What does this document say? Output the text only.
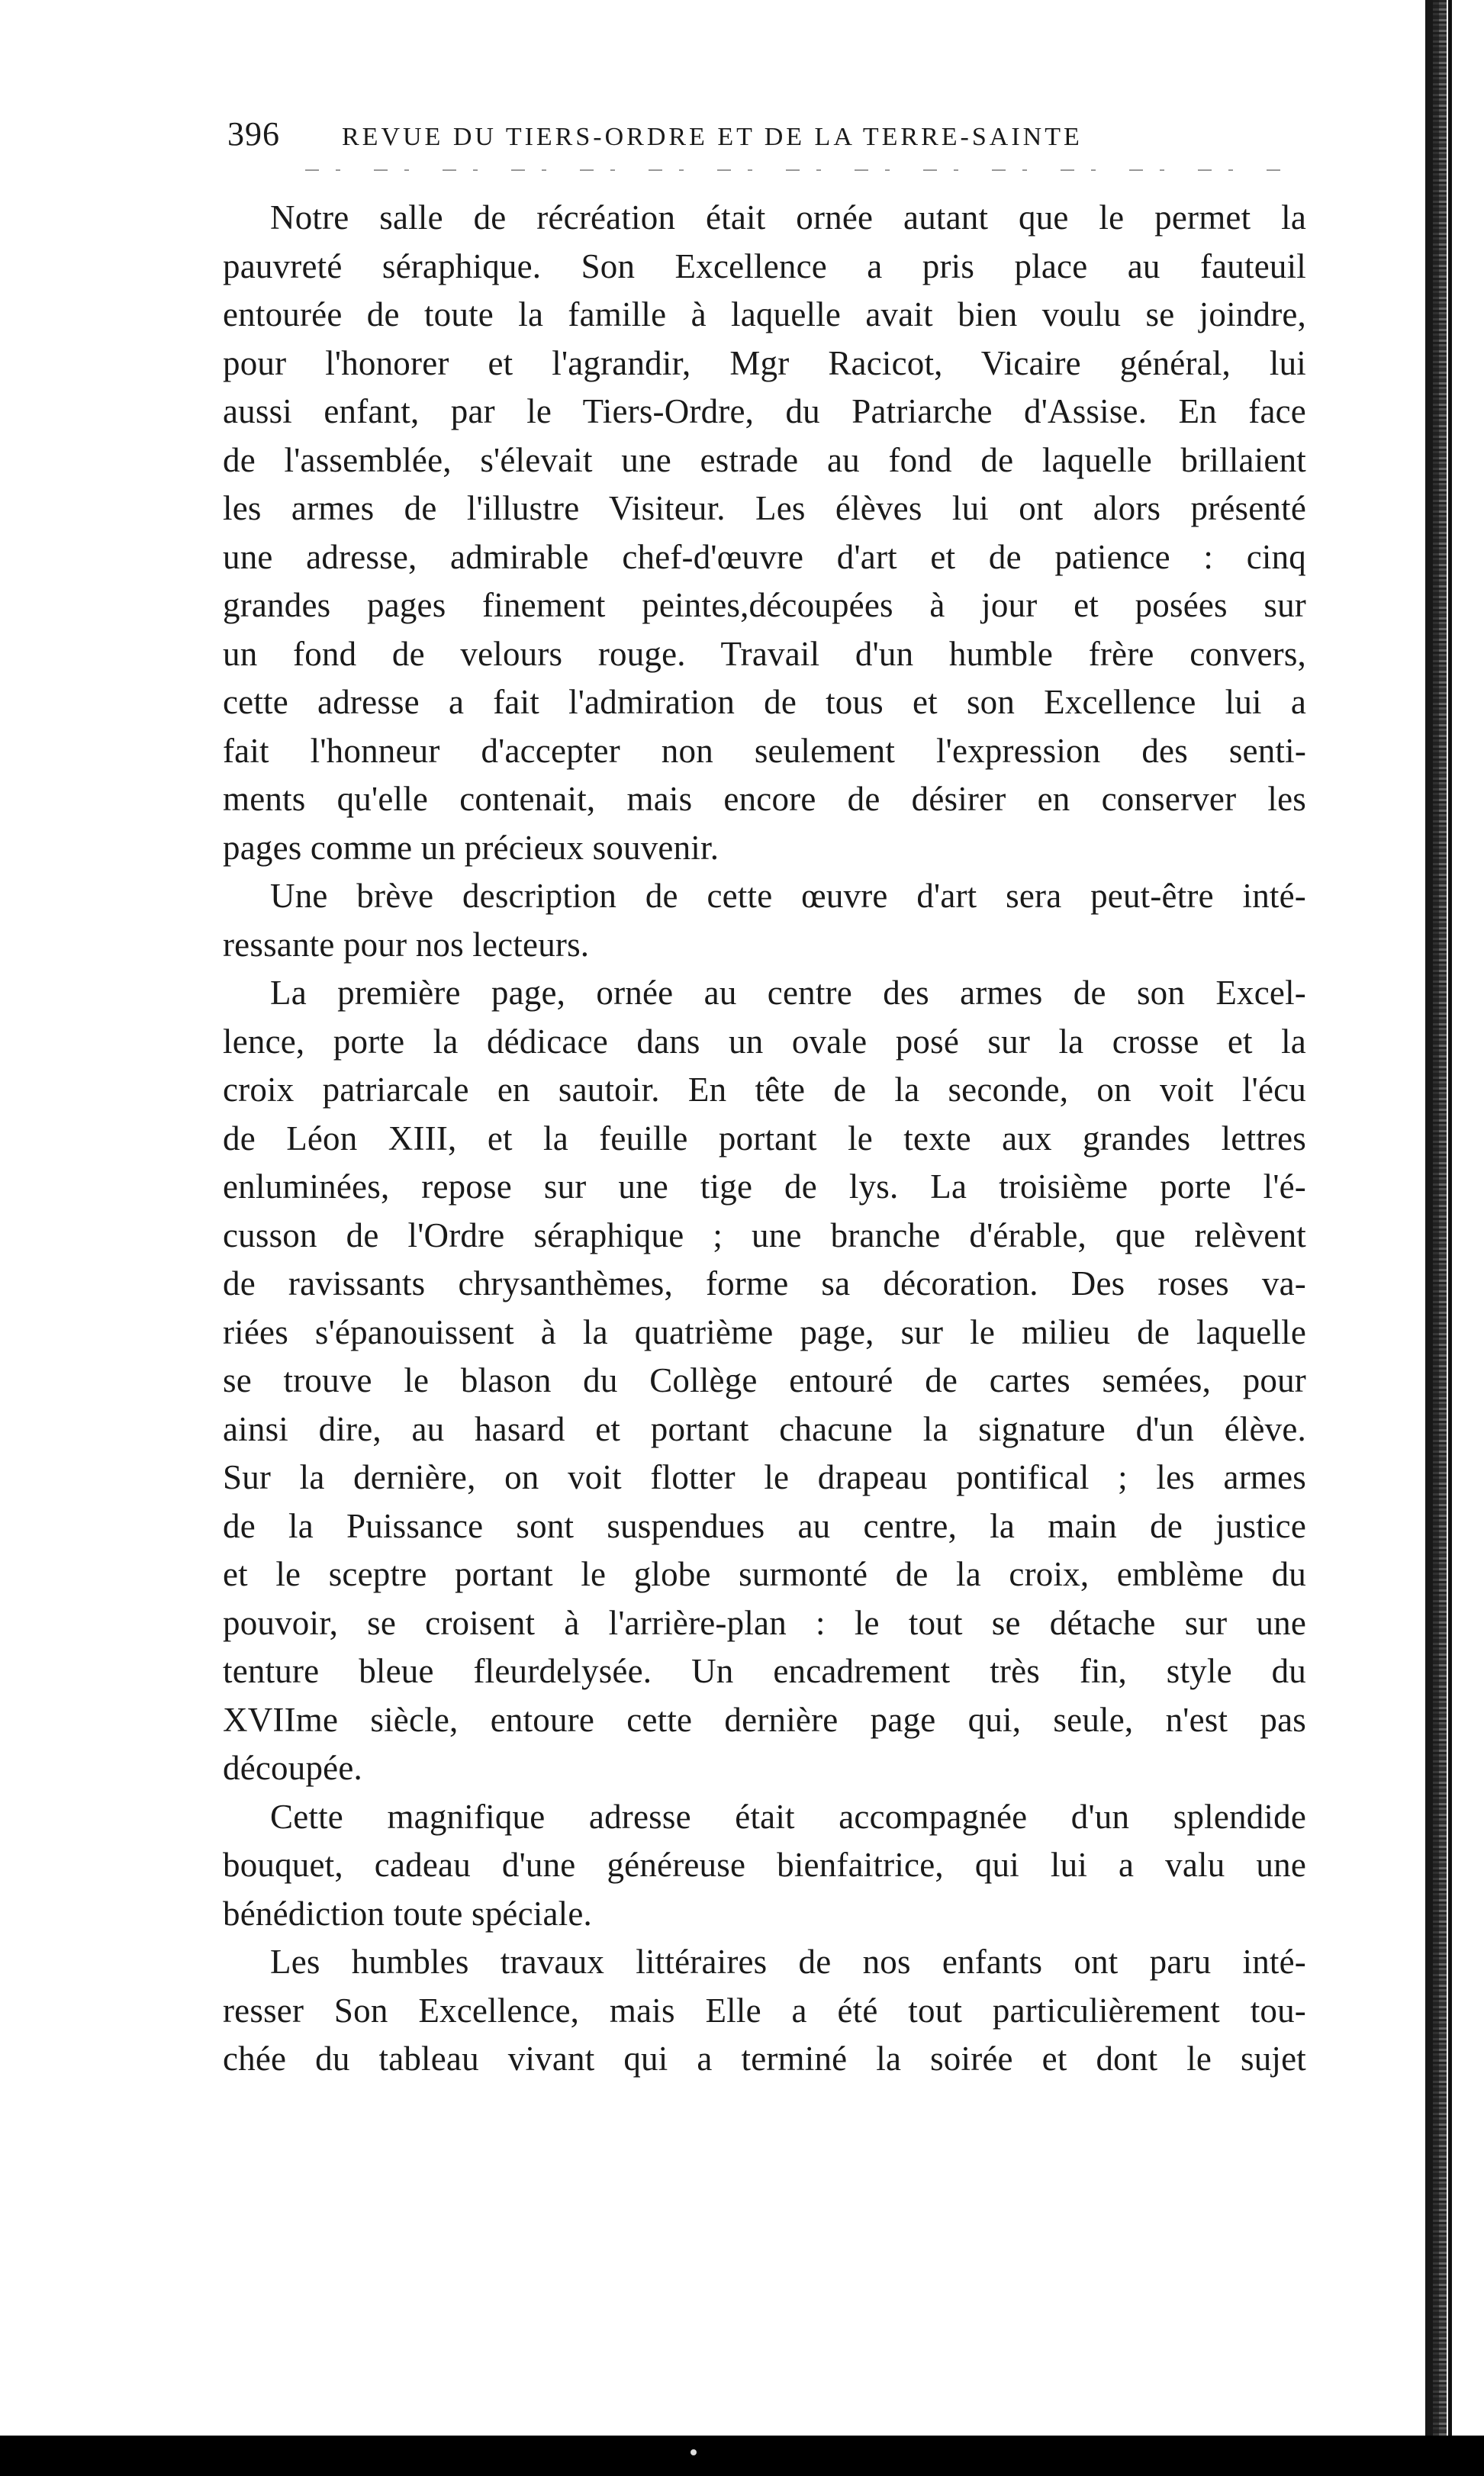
396	REVUE DU TIERS-ORDRE ET DE LA TERRE-SAINTE
Notre salle de récréation était ornée autant que le permet la
pauvreté séraphique. Son Excellence a pris place au fauteuil
entourée de toute la famille à laquelle avait bien voulu se joindre,
pour l'honorer et l'agrandir, Mgr Racicot, Vicaire général, lui
aussi enfant, par le Tiers-Ordre, du Patriarche d'Assise. En face
de l'assemblée, s'élevait une estrade au fond de laquelle brillaient
les armes de l'illustre Visiteur. Les élèves lui ont alors présenté
une adresse, admirable chef-d'œuvre d'art et de patience : cinq
grandes pages finement peintes,découpées à jour et posées sur
un fond de velours rouge. Travail d'un humble frère convers,
cette adresse a fait l'admiration de tous et son Excellence lui a
fait l'honneur d'accepter non seulement l'expression des senti-
ments qu'elle contenait, mais encore de désirer en conserver les
pages comme un précieux souvenir.
Une brève description de cette œuvre d'art sera peut-être inté-
ressante pour nos lecteurs.
La première page, ornée au centre des armes de son Excel-
lence, porte la dédicace dans un ovale posé sur la crosse et la
croix patriarcale en sautoir. En tête de la seconde, on voit l'écu
de Léon XIII, et la feuille portant le texte aux grandes lettres
enluminées, repose sur une tige de lys. La troisième porte l'é-
cusson de l'Ordre séraphique ; une branche d'érable, que relèvent
de ravissants chrysanthèmes, forme sa décoration. Des roses va-
riées s'épanouissent à la quatrième page, sur le milieu de laquelle
se trouve le blason du Collège entouré de cartes semées, pour
ainsi dire, au hasard et portant chacune la signature d'un élève.
Sur la dernière, on voit flotter le drapeau pontifical ; les armes
de la Puissance sont suspendues au centre, la main de justice
et le sceptre portant le globe surmonté de la croix, emblème du
pouvoir, se croisent à l'arrière-plan : le tout se détache sur une
tenture bleue fleurdelysée. Un encadrement très fin, style du
XVIIme siècle, entoure cette dernière page qui, seule, n'est pas
découpée.
Cette magnifique adresse était accompagnée d'un splendide
bouquet, cadeau d'une généreuse bienfaitrice, qui lui a valu une
bénédiction toute spéciale.
Les humbles travaux littéraires de nos enfants ont paru inté-
resser Son Excellence, mais Elle a été tout particulièrement tou-
chée du tableau vivant qui a terminé la soirée et dont le sujet
